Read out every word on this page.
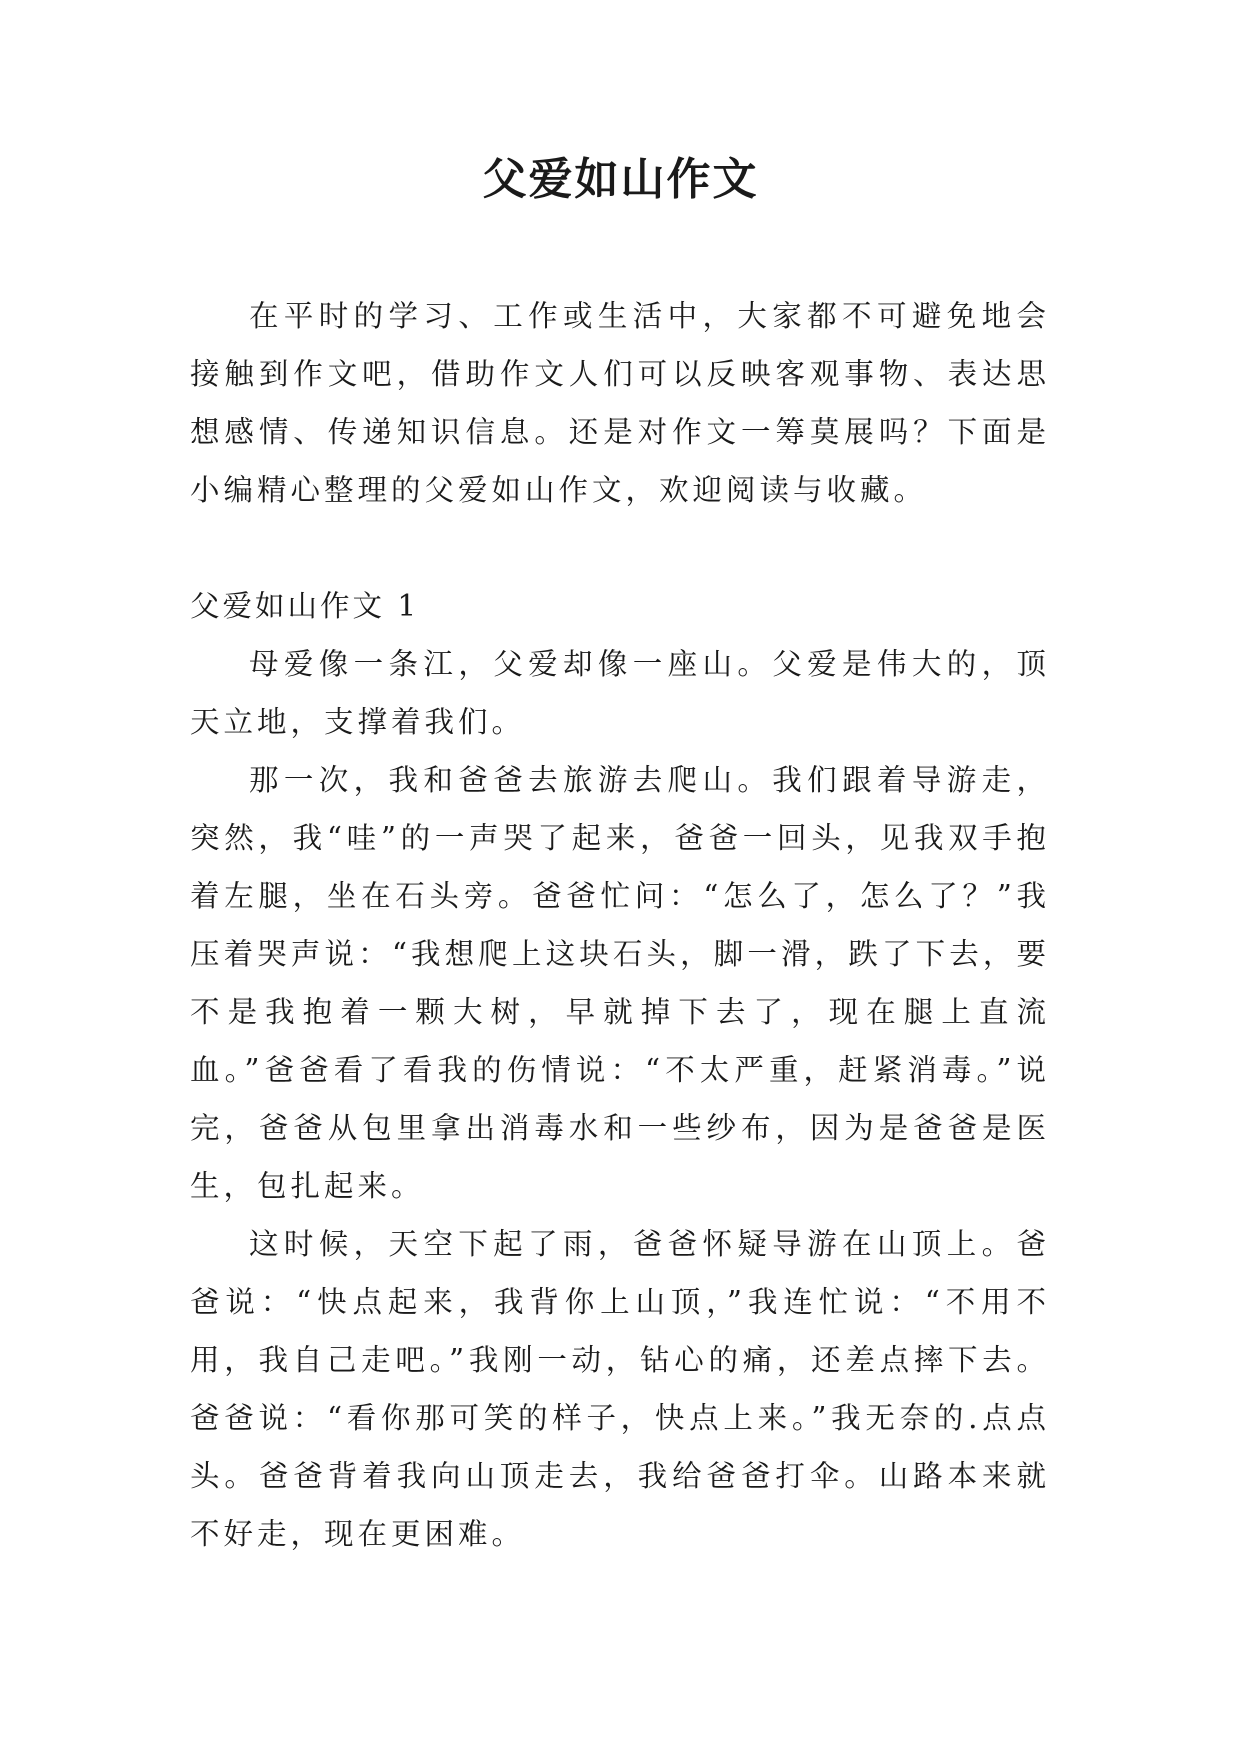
父爱如山作文

在平时的学习、工作或生活中，大家都不可避免地会接触到作文吧，借助作文人们可以反映客观事物、表达思想感情、传递知识信息。还是对作文一筹莫展吗？下面是小编精心整理的父爱如山作文，欢迎阅读与收藏。

父爱如山作文 1

母爱像一条江，父爱却像一座山。父爱是伟大的，顶天立地，支撑着我们。

那一次，我和爸爸去旅游去爬山。我们跟着导游走，突然，我“哇”的一声哭了起来，爸爸一回头，见我双手抱着左腿，坐在石头旁。爸爸忙问：“怎么了，怎么了？”我压着哭声说：“我想爬上这块石头，脚一滑，跌了下去，要不是我抱着一颗大树，早就掉下去了，现在腿上直流血。”爸爸看了看我的伤情说：“不太严重，赶紧消毒。”说完，爸爸从包里拿出消毒水和一些纱布，因为是爸爸是医生，包扎起来。

这时候，天空下起了雨，爸爸怀疑导游在山顶上。爸爸说：“快点起来，我背你上山顶，”我连忙说：“不用不用，我自己走吧。”我刚一动，钻心的痛，还差点摔下去。爸爸说：“看你那可笑的样子，快点上来。”我无奈的.点点头。爸爸背着我向山顶走去，我给爸爸打伞。山路本来就不好走，现在更困难。
